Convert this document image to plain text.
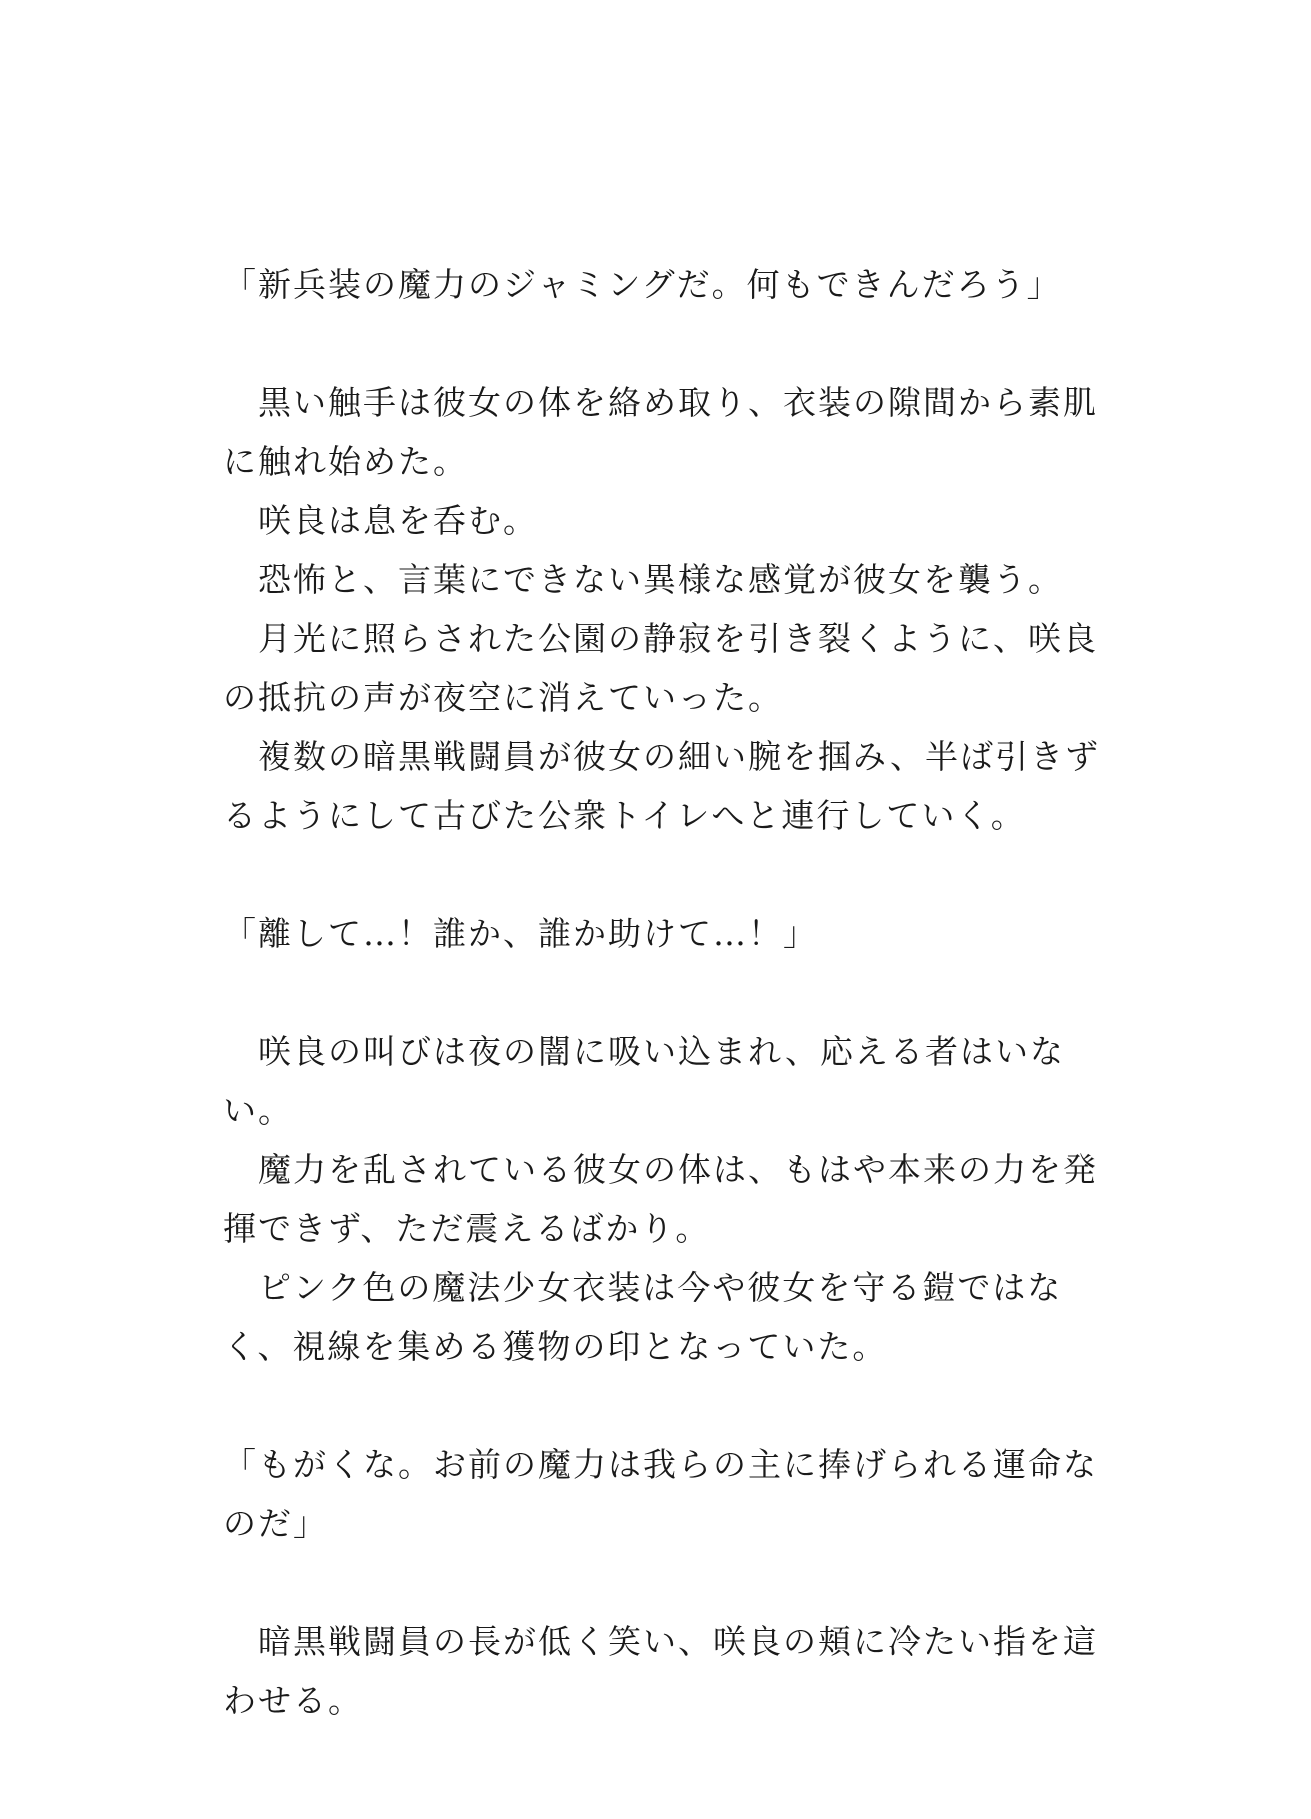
「新兵装の魔力のジャミングだ。何もできんだろう」
　黒い触手は彼女の体を絡め取り、衣装の隙間から素肌
に触れ始めた。
　咲良は息を呑む。
　恐怖と、言葉にできない異様な感覚が彼女を襲う。
　月光に照らされた公園の静寂を引き裂くように、咲良
の抵抗の声が夜空に消えていった。
　複数の暗黒戦闘員が彼女の細い腕を掴み、半ば引きず
るようにして古びた公衆トイレへと連行していく。
「離して…！誰か、誰か助けて…！」
　咲良の叫びは夜の闇に吸い込まれ、応える者はいな
い。
　魔力を乱されている彼女の体は、もはや本来の力を発
揮できず、ただ震えるばかり。
　ピンク色の魔法少女衣装は今や彼女を守る鎧ではな
く、視線を集める獲物の印となっていた。
「もがくな。お前の魔力は我らの主に捧げられる運命な
のだ」
　暗黒戦闘員の長が低く笑い、咲良の頬に冷たい指を這
わせる。
